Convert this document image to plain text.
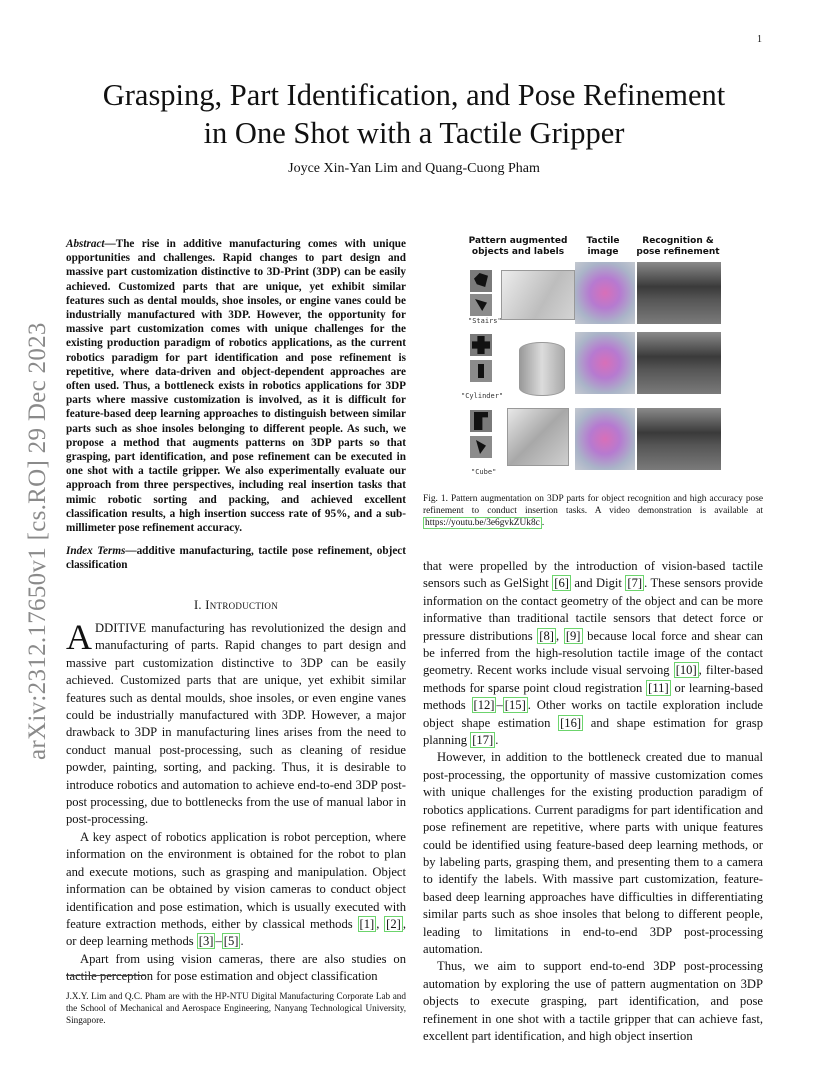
1
arXiv:2312.17650v1 [cs.RO] 29 Dec 2023
Grasping, Part Identification, and Pose Refinement
in One Shot with a Tactile Gripper
Joyce Xin-Yan Lim and Quang-Cuong Pham
Abstract—The rise in additive manufacturing comes with unique opportunities and challenges. Rapid changes to part design and massive part customization distinctive to 3D-Print (3DP) can be easily achieved. Customized parts that are unique, yet exhibit similar features such as dental moulds, shoe insoles, or engine vanes could be industrially manufactured with 3DP. However, the opportunity for massive part customization comes with unique challenges for the existing production paradigm of robotics applications, as the current robotics paradigm for part identification and pose refinement is repetitive, where data-driven and object-dependent approaches are often used. Thus, a bottleneck exists in robotics applications for 3DP parts where massive customization is involved, as it is difficult for feature-based deep learning approaches to distinguish between similar parts such as shoe insoles belonging to different people. As such, we propose a method that augments patterns on 3DP parts so that grasping, part identification, and pose refinement can be executed in one shot with a tactile gripper. We also experimentally evaluate our approach from three perspectives, including real insertion tasks that mimic robotic sorting and packing, and achieved excellent classification results, a high insertion success rate of 95%, and a sub-millimeter pose refinement accuracy.
Index Terms—additive manufacturing, tactile pose refinement, object classification
I. Introduction

ADDITIVE manufacturing has revolutionized the design and manufacturing of parts. Rapid changes to part design and massive part customization distinctive to 3DP can be easily achieved. Customized parts that are unique, yet exhibit similar features such as dental moulds, shoe insoles, or even engine vanes could be industrially manufactured with 3DP. However, a major drawback to 3DP in manufacturing lines arises from the need to conduct manual post-processing, such as cleaning of residue powder, painting, sorting, and packing. Thus, it is desirable to introduce robotics and automation to achieve end-to-end 3DP post-post processing, due to bottlenecks from the use of manual labor in post-processing.

A key aspect of robotics application is robot perception, where information on the environment is obtained for the robot to plan and execute motions, such as grasping and manipulation. Object information can be obtained by vision cameras to conduct object identification and pose estimation, which is usually executed with feature extraction methods, either by classical methods [1] , [2] , or deep learning methods [3] – [5] .

Apart from using vision cameras, there are also studies on tactile perception for pose estimation and object classification

J.X.Y. Lim and Q.C. Pham are with the HP-NTU Digital Manufacturing Corporate Lab and the School of Mechanical and Aerospace Engineering, Nanyang Technological University, Singapore.
Pattern augmented objects and labels
Tactile image
Recognition & pose refinement
"Stairs"
"Cylinder"
"Cube"
Fig. 1. Pattern augmentation on 3DP parts for object recognition and high accuracy pose refinement to conduct insertion tasks. A video demonstration is available at https://youtu.be/3e6gvkZUk8c .

that were propelled by the introduction of vision-based tactile sensors such as GelSight [6] and Digit [7] . These sensors provide information on the contact geometry of the object and can be more informative than traditional tactile sensors that detect force or pressure distributions [8] , [9] because local force and shear can be inferred from the high-resolution tactile image of the contact geometry. Recent works include visual servoing [10] , filter-based methods for sparse point cloud registration [11] or learning-based methods [12] – [15] . Other works on tactile exploration include object shape estimation [16] and shape estimation for grasp planning [17] .

However, in addition to the bottleneck created due to manual post-processing, the opportunity of massive customization comes with unique challenges for the existing production paradigm of robotics applications. Current paradigms for part identification and pose refinement are repetitive, where parts with unique features could be identified using feature-based deep learning methods, or by labeling parts, grasping them, and presenting them to a camera to identify the labels. With massive part customization, feature-based deep learning approaches have difficulties in differentiating similar parts such as shoe insoles that belong to different people, leading to limitations in end-to-end 3DP post-processing automation.

Thus, we aim to support end-to-end 3DP post-processing automation by exploring the use of pattern augmentation on 3DP objects to execute grasping, part identification, and pose refinement in one shot with a tactile gripper that can achieve fast, excellent part identification, and high object insertion
